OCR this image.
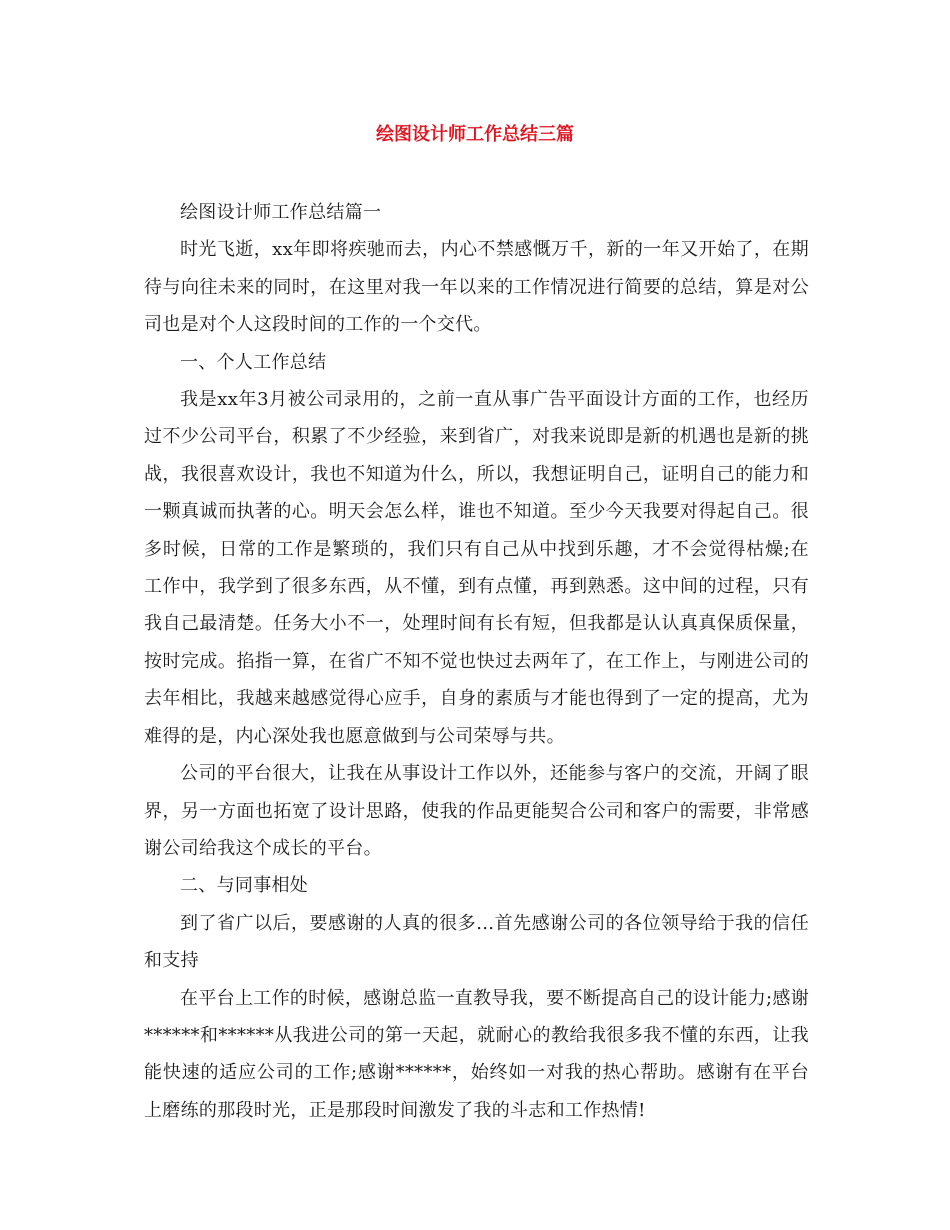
绘图设计师工作总结三篇

绘图设计师工作总结篇一

时光飞逝，xx年即将疾驰而去，内心不禁感慨万千，新的一年又开始了，在期待与向往未来的同时，在这里对我一年以来的工作情况进行简要的总结，算是对公司也是对个人这段时间的工作的一个交代。

一、个人工作总结

我是xx年3月被公司录用的，之前一直从事广告平面设计方面的工作，也经历过不少公司平台，积累了不少经验，来到省广，对我来说即是新的机遇也是新的挑战，我很喜欢设计，我也不知道为什么，所以，我想证明自己，证明自己的能力和一颗真诚而执著的心。明天会怎么样，谁也不知道。至少今天我要对得起自己。很多时候，日常的工作是繁琐的，我们只有自己从中找到乐趣，才不会觉得枯燥;在工作中，我学到了很多东西，从不懂，到有点懂，再到熟悉。这中间的过程，只有我自己最清楚。任务大小不一，处理时间有长有短，但我都是认认真真保质保量，按时完成。掐指一算，在省广不知不觉也快过去两年了，在工作上，与刚进公司的去年相比，我越来越感觉得心应手，自身的素质与才能也得到了一定的提高，尤为难得的是，内心深处我也愿意做到与公司荣辱与共。

公司的平台很大，让我在从事设计工作以外，还能参与客户的交流，开阔了眼界，另一方面也拓宽了设计思路，使我的作品更能契合公司和客户的需要，非常感谢公司给我这个成长的平台。

二、与同事相处

到了省广以后，要感谢的人真的很多…首先感谢公司的各位领导给于我的信任和支持

在平台上工作的时候，感谢总监一直教导我，要不断提高自己的设计能力;感谢******和******从我进公司的第一天起，就耐心的教给我很多我不懂的东西，让我能快速的适应公司的工作;感谢******，始终如一对我的热心帮助。感谢有在平台上磨练的那段时光，正是那段时间激发了我的斗志和工作热情!
